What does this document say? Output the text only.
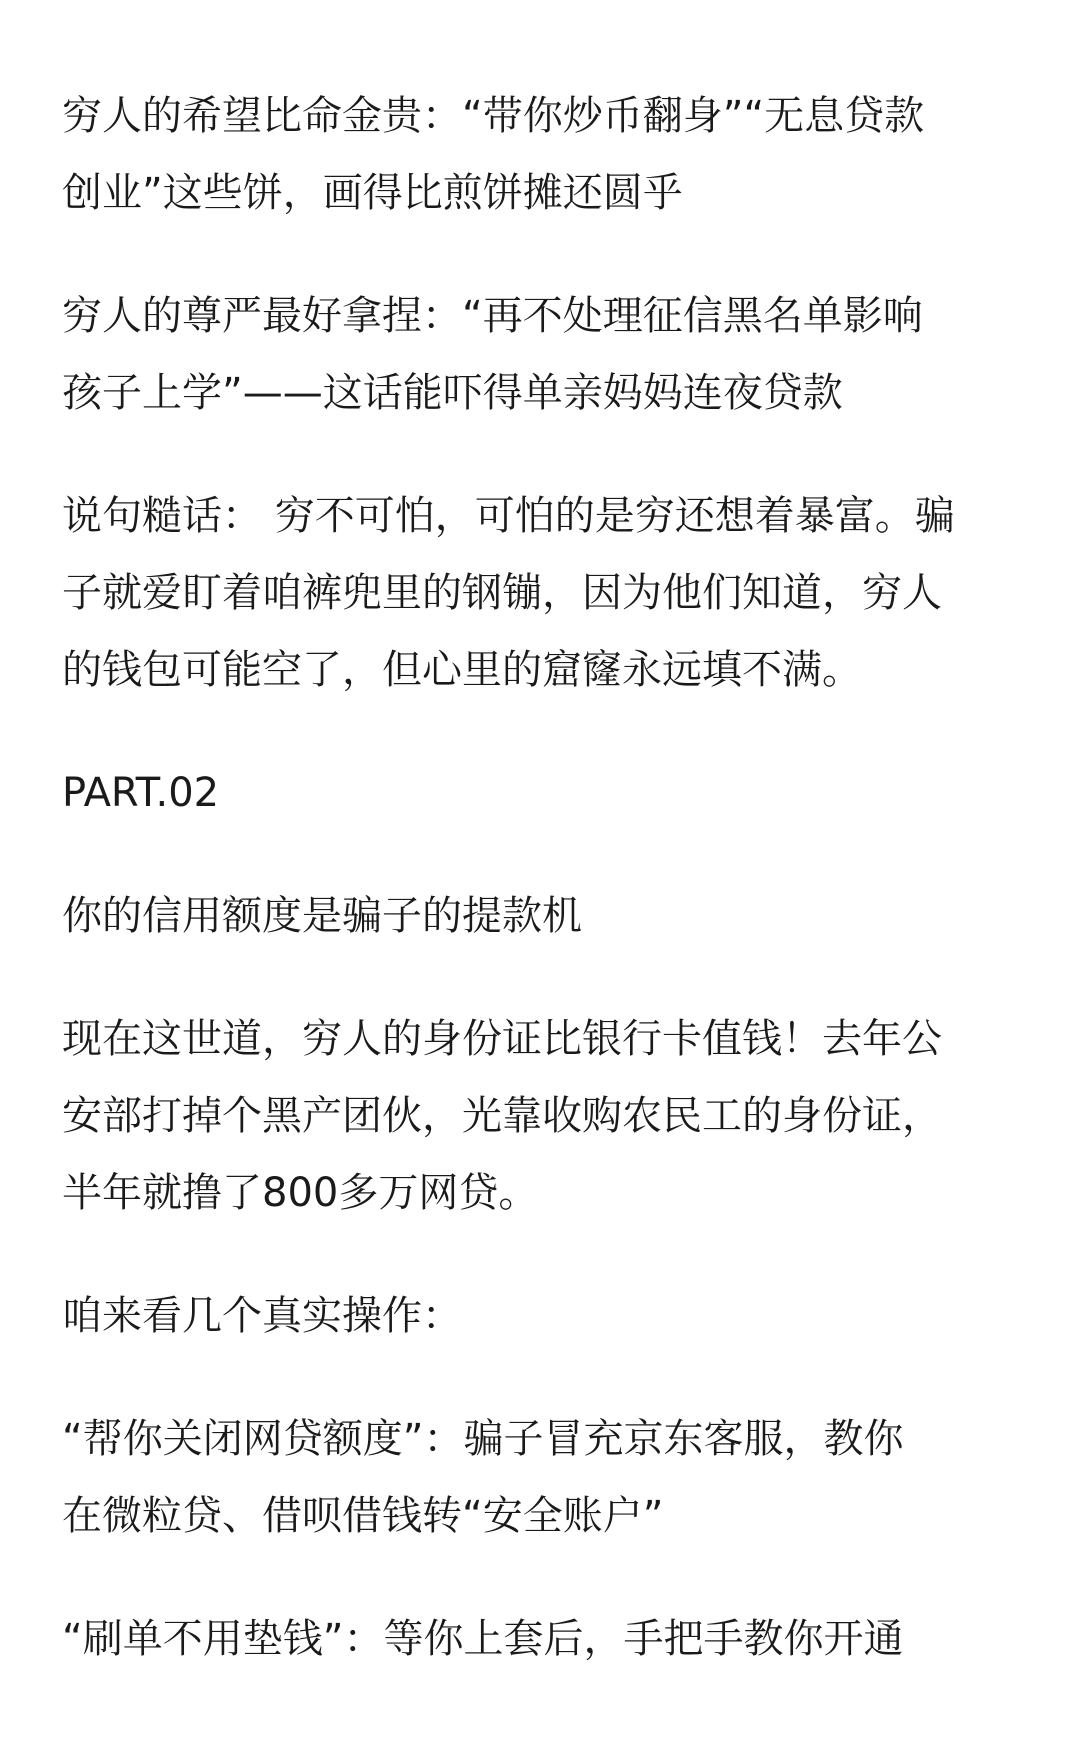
穷人的希望比命金贵：“带你炒币翻身”“无息贷款
创业”这些饼，画得比煎饼摊还圆乎
穷人的尊严最好拿捏：“再不处理征信黑名单影响
孩子上学”——这话能吓得单亲妈妈连夜贷款
说句糙话： 穷不可怕，可怕的是穷还想着暴富。骗
子就爱盯着咱裤兜里的钢镚，因为他们知道，穷人
的钱包可能空了，但心里的窟窿永远填不满。
PART.02
你的信用额度是骗子的提款机
现在这世道，穷人的身份证比银行卡值钱！去年公
安部打掉个黑产团伙，光靠收购农民工的身份证，
半年就撸了800多万网贷。
咱来看几个真实操作：
“帮你关闭网贷额度”：骗子冒充京东客服，教你
在微粒贷、借呗借钱转“安全账户”
“刷单不用垫钱”：等你上套后，手把手教你开通
